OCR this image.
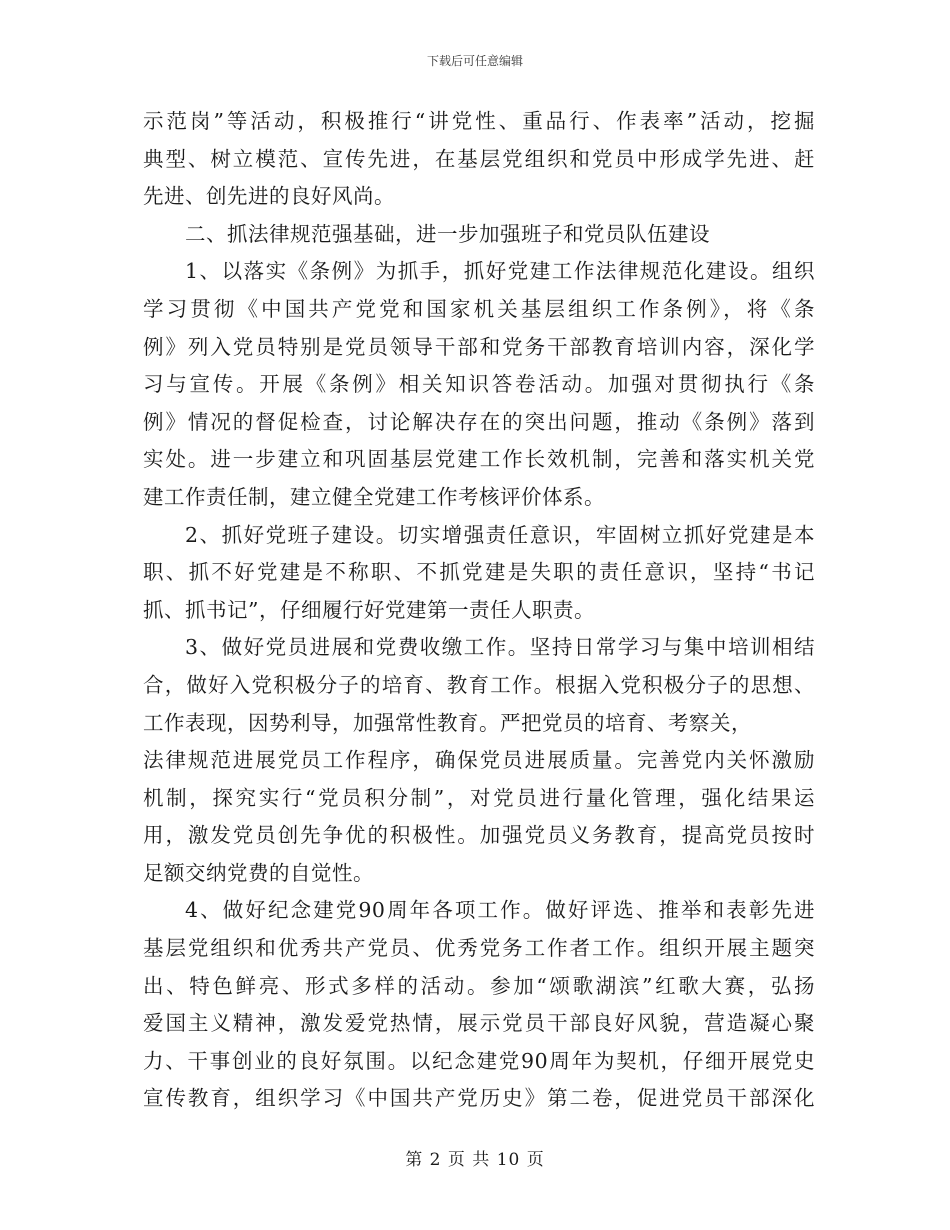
下载后可任意编辑
示范岗”等活动，积极推行“讲党性、重品行、作表率”活动，挖掘
典型、树立模范、宣传先进，在基层党组织和党员中形成学先进、赶
先进、创先进的良好风尚。
二、抓法律规范强基础，进一步加强班子和党员队伍建设
1、以落实《条例》为抓手，抓好党建工作法律规范化建设。组织
学习贯彻《中国共产党党和国家机关基层组织工作条例》，将《条
例》列入党员特别是党员领导干部和党务干部教育培训内容，深化学
习与宣传。开展《条例》相关知识答卷活动。加强对贯彻执行《条
例》情况的督促检查，讨论解决存在的突出问题，推动《条例》落到
实处。进一步建立和巩固基层党建工作长效机制，完善和落实机关党
建工作责任制，建立健全党建工作考核评价体系。
2、抓好党班子建设。切实增强责任意识，牢固树立抓好党建是本
职、抓不好党建是不称职、不抓党建是失职的责任意识，坚持“书记
抓、抓书记”，仔细履行好党建第一责任人职责。
3、做好党员进展和党费收缴工作。坚持日常学习与集中培训相结
合，做好入党积极分子的培育、教育工作。根据入党积极分子的思想、
工作表现，因势利导，加强常性教育。严把党员的培育、考察关，
法律规范进展党员工作程序，确保党员进展质量。完善党内关怀激励
机制，探究实行“党员积分制”，对党员进行量化管理，强化结果运
用，激发党员创先争优的积极性。加强党员义务教育，提高党员按时
足额交纳党费的自觉性。
4、做好纪念建党90周年各项工作。做好评选、推举和表彰先进
基层党组织和优秀共产党员、优秀党务工作者工作。组织开展主题突
出、特色鲜亮、形式多样的活动。参加“颂歌湖滨”红歌大赛，弘扬
爱国主义精神，激发爱党热情，展示党员干部良好风貌，营造凝心聚
力、干事创业的良好氛围。以纪念建党90周年为契机，仔细开展党史
宣传教育，组织学习《中国共产党历史》第二卷，促进党员干部深化
第 2 页 共 10 页
